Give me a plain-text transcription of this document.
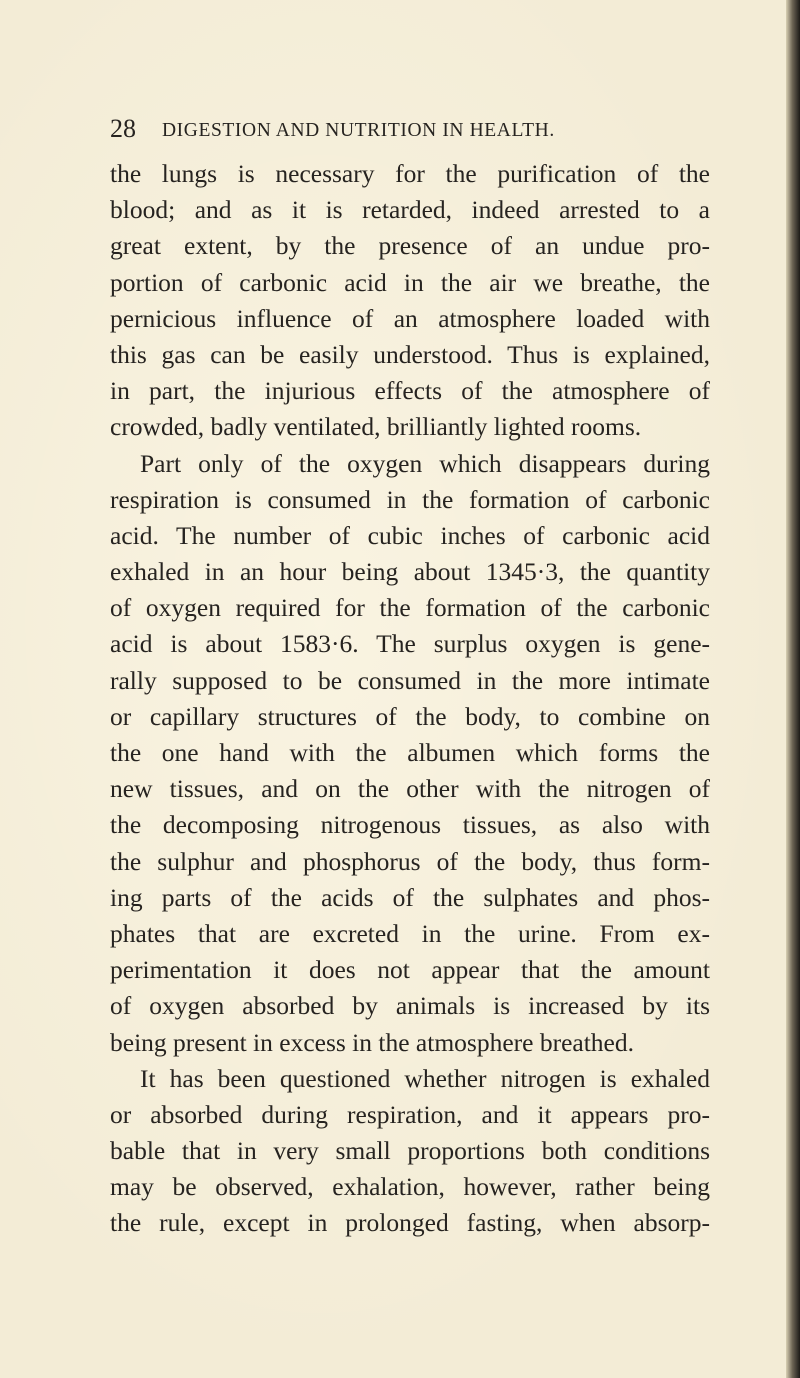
28 DIGESTION AND NUTRITION IN HEALTH.
the lungs is necessary for the purification of the
blood; and as it is retarded, indeed arrested to a
great extent, by the presence of an undue pro-
portion of carbonic acid in the air we breathe, the
pernicious influence of an atmosphere loaded with
this gas can be easily understood. Thus is explained,
in part, the injurious effects of the atmosphere of
crowded, badly ventilated, brilliantly lighted rooms.
Part only of the oxygen which disappears during
respiration is consumed in the formation of carbonic
acid. The number of cubic inches of carbonic acid
exhaled in an hour being about 1345·3, the quantity
of oxygen required for the formation of the carbonic
acid is about 1583·6. The surplus oxygen is gene-
rally supposed to be consumed in the more intimate
or capillary structures of the body, to combine on
the one hand with the albumen which forms the
new tissues, and on the other with the nitrogen of
the decomposing nitrogenous tissues, as also with
the sulphur and phosphorus of the body, thus form-
ing parts of the acids of the sulphates and phos-
phates that are excreted in the urine. From ex-
perimentation it does not appear that the amount
of oxygen absorbed by animals is increased by its
being present in excess in the atmosphere breathed.
It has been questioned whether nitrogen is exhaled
or absorbed during respiration, and it appears pro-
bable that in very small proportions both conditions
may be observed, exhalation, however, rather being
the rule, except in prolonged fasting, when absorp-
